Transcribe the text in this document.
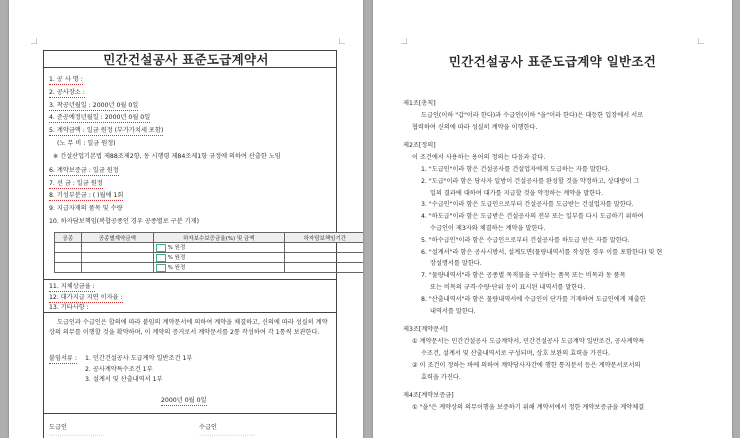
민간건설공사 표준도급계약서
1. 공 사 명 :
2. 공사장소 :
3. 착공년월일 : 2000년 0월 0일
4. 준공예정년월일 : 2000년 0월 0일
5. 계약금액 : 일금 원정 (부가가치세 포함)
(노 무 비 : 일금 원정)
※ 건설산업기본법 제88조제2항, 동 시행령 제84조제1항 규정에 의하여 산출한 노임
6. 계약보증금 : 일금 원정
7. 선 금 : 일금 원정
8. 기성부분금 : ( )월에 1회
9. 지급자재의 품목 및 수량
10. 하자담보책임(복합공종인 경우 공종별로 구분 기재)
공종	공종별계약금액	하자보수보증금율(%) 및 금액	하자담보책임기간
		% 원정	
		% 원정	
		% 원정	
11. 지체상금율 :
12. 대가지급 지연 이자율 :
13. 기타사항 :
도급인과 수급인은 합의에 따라 붙임의 계약문서에 의하여 계약을 체결하고, 신의에 따라 성실히 계약상의 의무를 이행할 것을 확약하며, 이 계약의 증거로서 계약문서를 2통 작성하여 각 1통씩 보관한다.
붙임서류 : 1. 민간건설공사 도급계약 일반조건 1부
2. 공사계약특수조건 1부
3. 설계서 및 산출내역서 1부
2000년 0월 0일
도급인	수급인
⋯⋯⋯⋯⋯⋯⋯⋯⋯	⋯⋯⋯⋯⋯⋯⋯⋯⋯
민간건설공사 표준도급계약 일반조건
제1조[총칙]
도급인(이하 "갑"이라 한다)과 수급인(이하 "을"이라 한다)은 대등한 입장에서 서로
협력하여 신의에 따라 성실히 계약을 이행한다.
제2조[정의]
이 조건에서 사용하는 용어의 정의는 다음과 같다.
1. "도급인"이라 함은 건설공사를 건설업자에게 도급하는 자를 말한다.
2. "도급"이라 함은 당사자 일방이 건설공사를 완성할 것을 약정하고, 상대방이 그
일의 결과에 대하여 대가를 지급할 것을 약정하는 계약을 말한다.
3. "수급인"이라 함은 도급인으로부터 건설공사를 도급받는 건설업자를 말한다.
4. "하도급"이라 함은 도급받은 건설공사의 전부 또는 일부를 다시 도급하기 위하여
수급인이 제3자와 체결하는 계약을 말한다.
5. "하수급인"이라 함은 수급인으로부터 건설공사를 하도급 받은 자를 말한다.
6. "설계서"라 함은 공사시방서, 설계도면(물량내역서를 작성한 경우 이를 포함한다) 및 현
장설명서를 말한다.
7. "물량내역서"라 함은 공종별 목적물을 구성하는 품목 또는 비목과 동 품목
또는 비목의 규격·수량·단위 등이 표시된 내역서를 말한다.
8. "산출내역서"라 함은 물량내역서에 수급인이 단가를 기재하여 도급인에게 제출한
내역서를 말한다.
제3조[계약문서]
① 계약문서는 민간건설공사 도급계약서, 민간건설공사 도급계약 일반조건, 공사계약특
수조건, 설계서 및 산출내역서로 구성되며, 상호 보완의 효력을 가진다.
② 이 조건이 정하는 바에 의하여 계약당사자간에 행한 통지문서 등은 계약문서로서의
효력을 가진다.
제4조[계약보증금]
① "을"은 계약상의 의무이행을 보증하기 위해 계약서에서 정한 계약보증금을 계약체결
